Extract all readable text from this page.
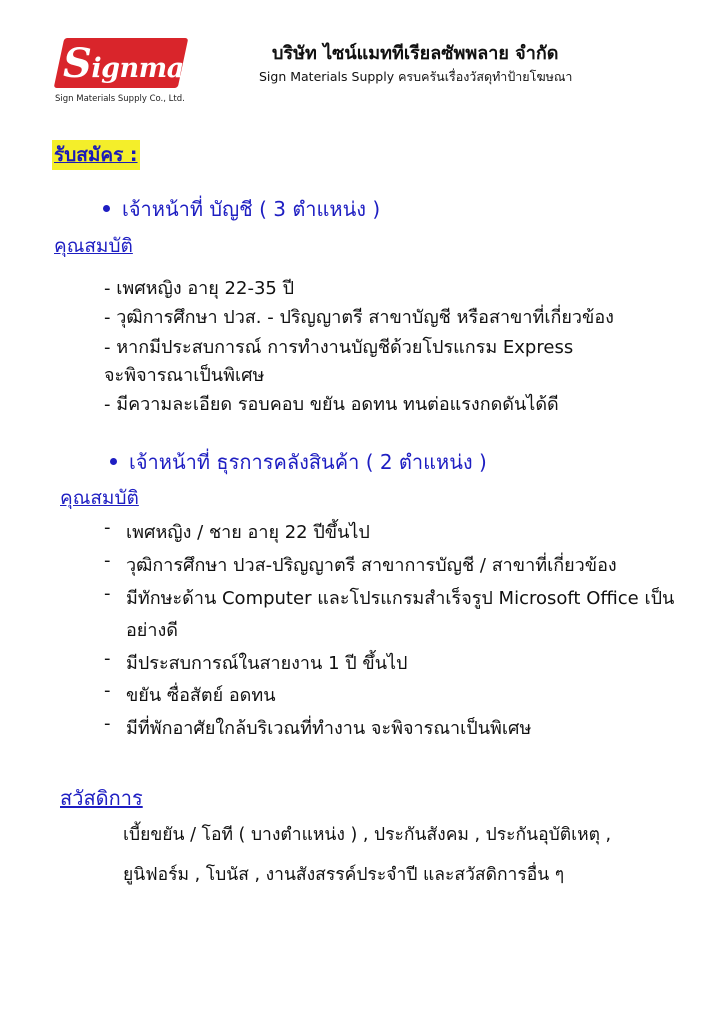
Signmat
Sign Materials Supply Co., Ltd.
บริษัท ไซน์แมททีเรียลซัพพลาย จำกัด
Sign Materials Supply ครบครันเรื่องวัสดุทำป้ายโฆษณา
รับสมัคร :
เจ้าหน้าที่ บัญชี ( 3 ตำแหน่ง )
คุณสมบัติ
- เพศหญิง อายุ 22-35 ปี
- วุฒิการศึกษา ปวส. - ปริญญาตรี สาขาบัญชี หรือสาขาที่เกี่ยวข้อง
- หากมีประสบการณ์ การทำงานบัญชีด้วยโปรแกรม Express
จะพิจารณาเป็นพิเศษ
- มีความละเอียด รอบคอบ ขยัน อดทน ทนต่อแรงกดดันได้ดี
เจ้าหน้าที่ ธุรการคลังสินค้า ( 2 ตำแหน่ง )
คุณสมบัติ
- เพศหญิง / ชาย อายุ 22 ปีขึ้นไป
- วุฒิการศึกษา ปวส-ปริญญาตรี สาขาการบัญชี / สาขาที่เกี่ยวข้อง
- มีทักษะด้าน Computer และโปรแกรมสำเร็จรูป Microsoft Office เป็น
อย่างดี
- มีประสบการณ์ในสายงาน 1 ปี ขึ้นไป
- ขยัน ซื่อสัตย์ อดทน
- มีที่พักอาศัยใกล้บริเวณที่ทำงาน จะพิจารณาเป็นพิเศษ
สวัสดิการ
เบี้ยขยัน / โอที ( บางตำแหน่ง ) , ประกันสังคม , ประกันอุบัติเหตุ ,
ยูนิฟอร์ม , โบนัส , งานสังสรรค์ประจำปี และสวัสดิการอื่น ๆ
